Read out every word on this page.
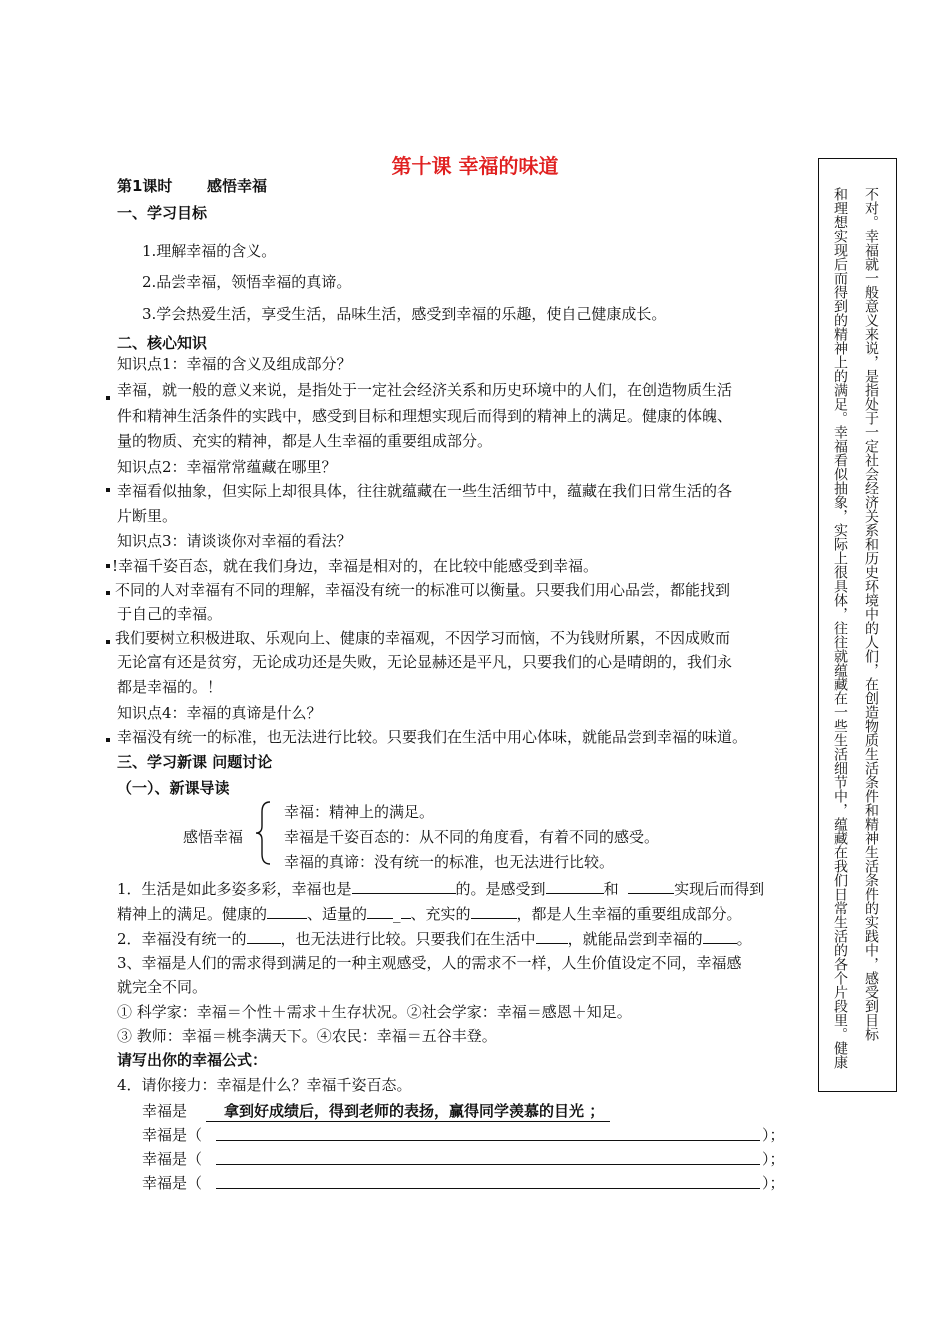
第十课 幸福的味道
第1课时 感悟幸福
一、学习目标
1.理解幸福的含义。
2.品尝幸福，领悟幸福的真谛。
3.学会热爱生活，享受生活，品味生活，感受到幸福的乐趣，使自己健康成长。
二、核心知识
知识点1：幸福的含义及组成部分？
幸福，就一般的意义来说，是指处于一定社会经济关系和历史环境中的人们，在创造物质生活
件和精神生活条件的实践中，感受到目标和理想实现后而得到的精神上的满足。健康的体魄、
量的物质、充实的精神，都是人生幸福的重要组成部分。
知识点2：幸福常常蕴藏在哪里？
幸福看似抽象，但实际上却很具体，往往就蕴藏在一些生活细节中，蕴藏在我们日常生活的各
片断里。
知识点3：请谈谈你对幸福的看法？
!幸福千姿百态，就在我们身边，幸福是相对的，在比较中能感受到幸福。
不同的人对幸福有不同的理解，幸福没有统一的标准可以衡量。只要我们用心品尝，都能找到
于自己的幸福。
我们要树立积极进取、乐观向上、健康的幸福观，不因学习而恼，不为钱财所累，不因成败而
无论富有还是贫穷，无论成功还是失败，无论显赫还是平凡，只要我们的心是晴朗的，我们永
都是幸福的。！
知识点4：幸福的真谛是什么？
幸福没有统一的标准，也无法进行比较。只要我们在生活中用心体味，就能品尝到幸福的味道。
三、学习新课 问题讨论
（一）、新课导读
感悟幸福
幸福：精神上的满足。
幸福是千姿百态的：从不同的角度看，有着不同的感受。
幸福的真谛：没有统一的标准，也无法进行比较。
1．生活是如此多姿多彩，幸福也是	的。是感受到	和	实现后而得到
精神上的满足。健康的	、适量的 _ 、充实的	，都是人生幸福的重要组成部分。
2．幸福没有统一的 ，也无法进行比较。只要我们在生活中 ，就能品尝到幸福的 。
3、幸福是人们的需求得到满足的一种主观感受，人的需求不一样，人生价值设定不同，幸福感
就完全不同。
① 科学家：幸福＝个性＋需求＋生存状况。②社会学家：幸福＝感恩＋知足。
③ 教师：幸福＝桃李满天下。④农民：幸福＝五谷丰登。
请写出你的幸福公式：
4．请你接力：幸福是什么？幸福千姿百态。
幸福是	拿到好成绩后，得到老师的表扬，赢得同学羡慕的目光 ；
幸福是（	）；
幸福是（	）；
幸福是（	）；
不对。幸福就一般意义来说，是指处于一定社会经济关系和历史环境中的人们，在创造物质生活条件和精神生活条件的实践中，感受到目标
和理想实现后而得到的精神上的满足。幸福看似抽象，实际上很具体，往往就蕴藏在一些生活细节中，蕴藏在我们日常生活的各个片段里。健康
